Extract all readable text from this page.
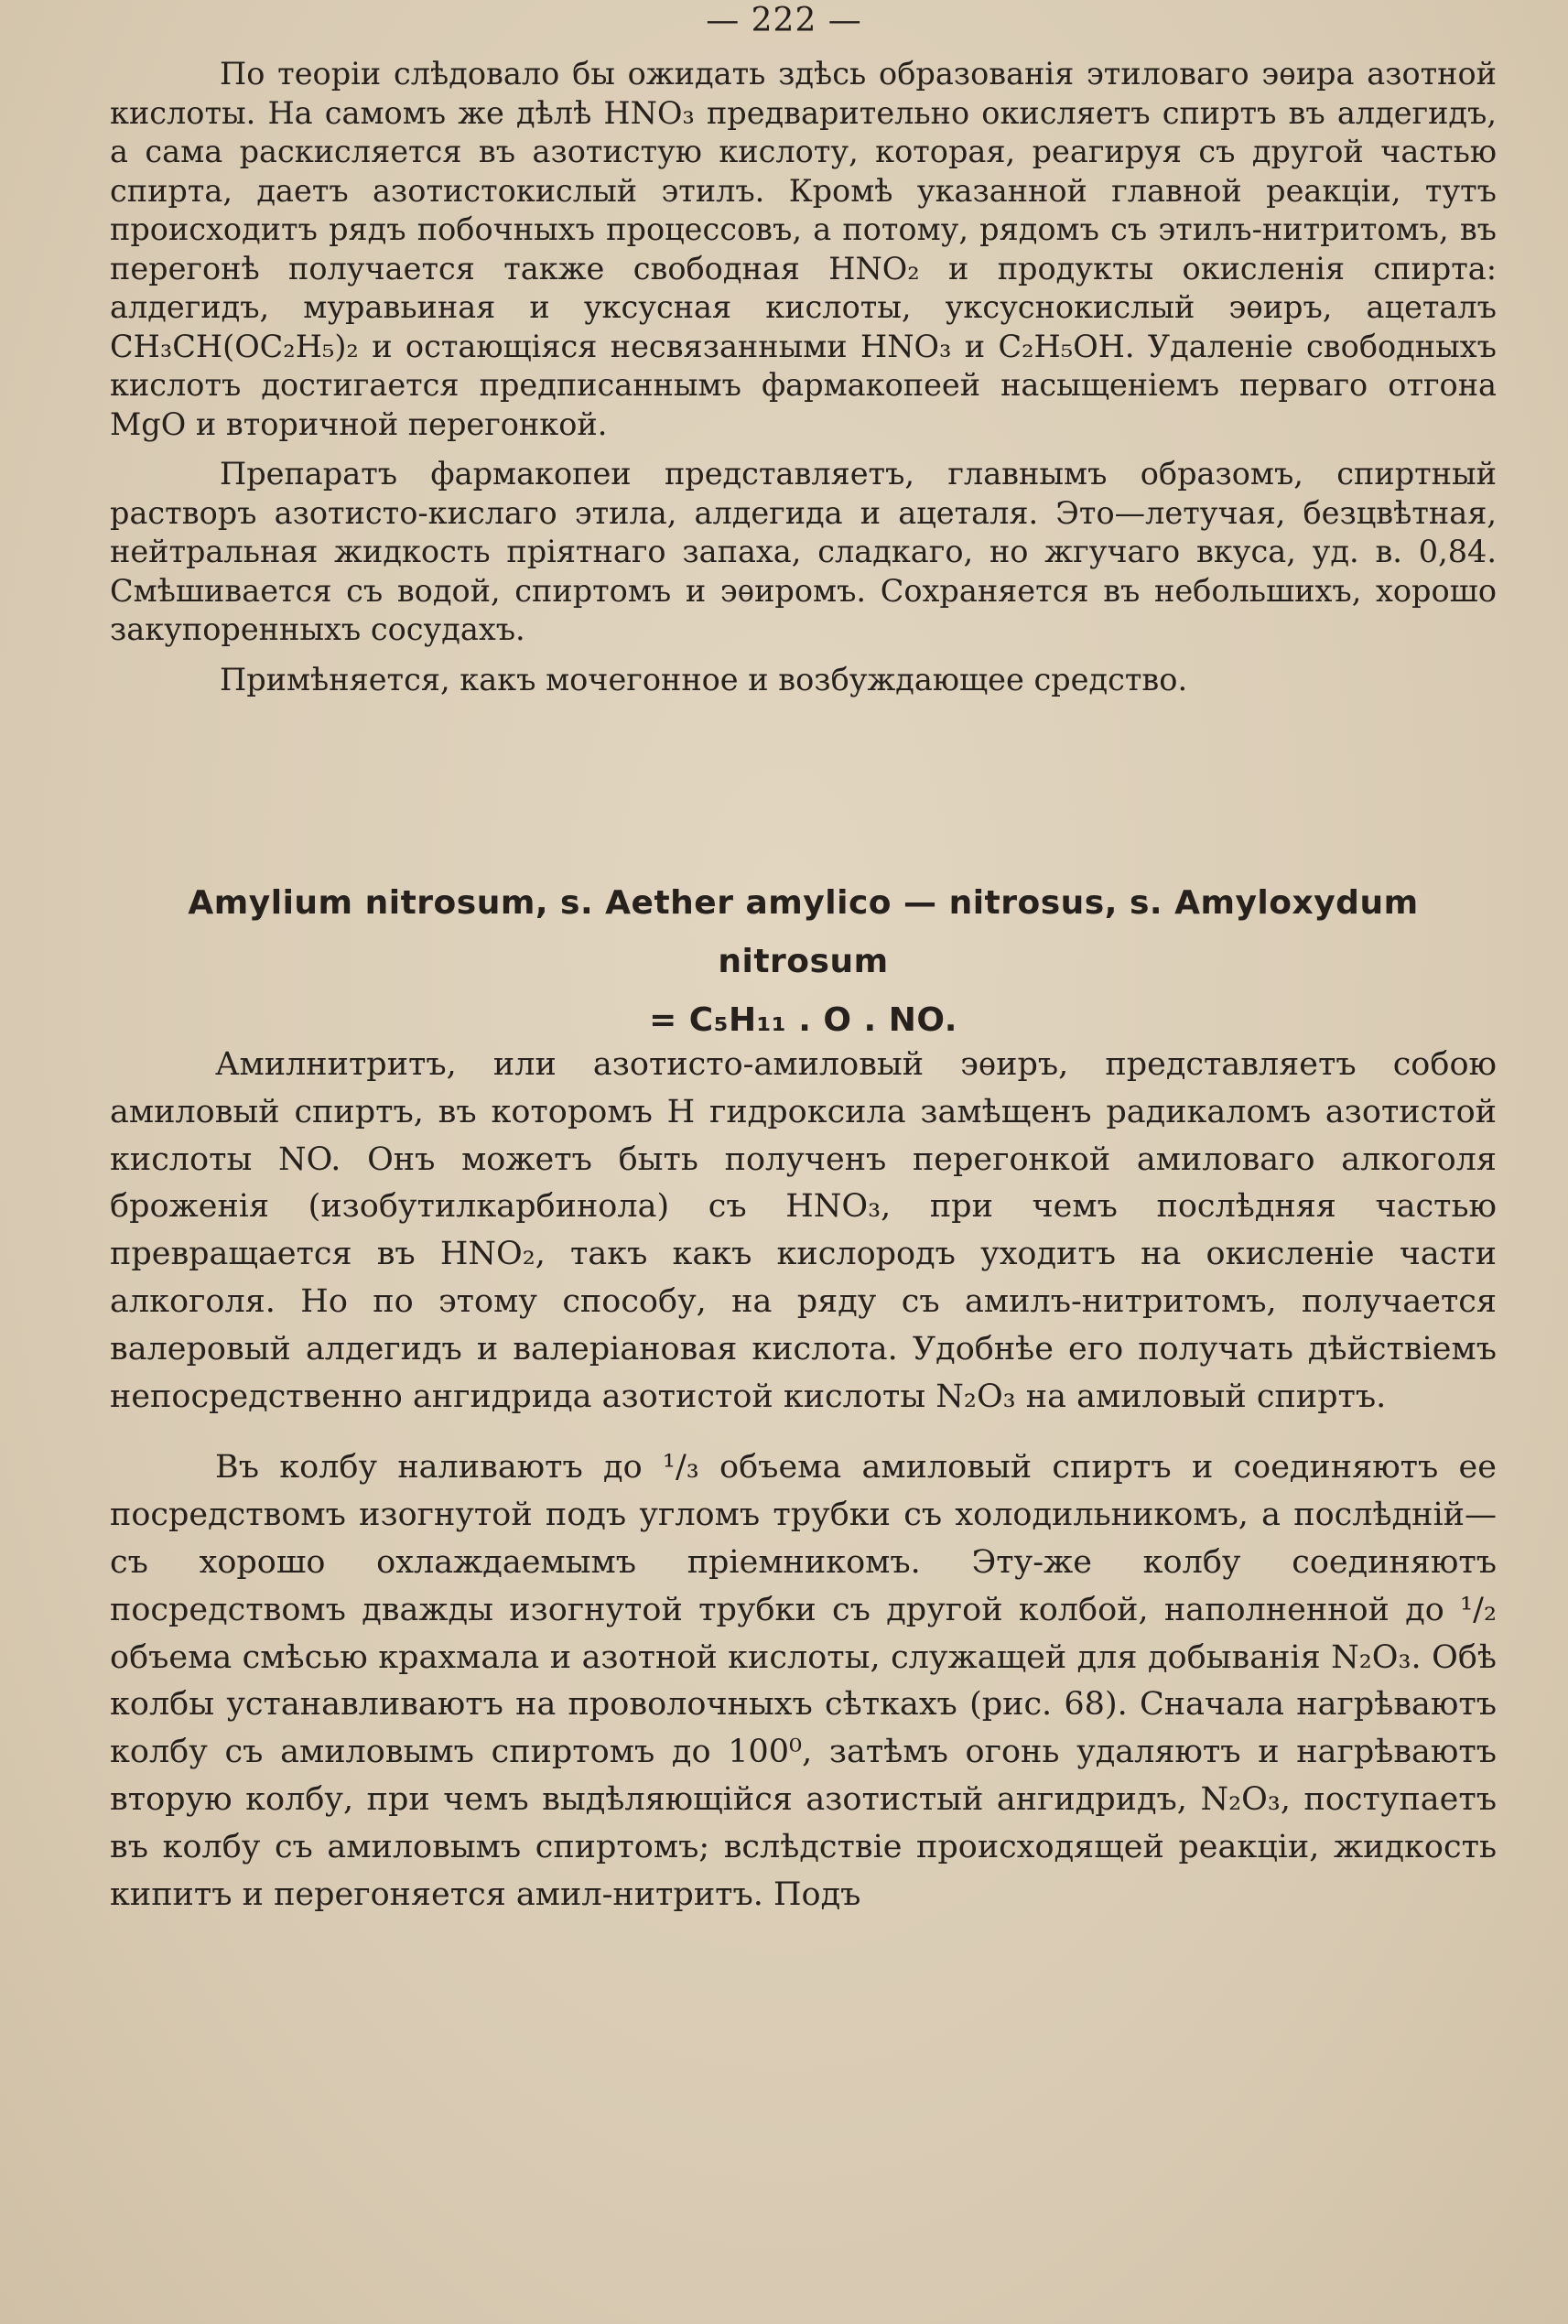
— 222 —

По теоріи слѣдовало бы ожидать здѣсь образованія этиловаго эѳира азотной кислоты. На самомъ же дѣлѣ HNO₃ предварительно окисляетъ спиртъ въ алдегидъ, а сама раскисляется въ азотистую кислоту, которая, реагируя съ другой частью спирта, даетъ азотистокислый этилъ. Кромѣ указанной главной реакціи, тутъ происходитъ рядъ побочныхъ процессовъ, а потому, рядомъ съ этилъ-нитритомъ, въ перегонѣ получается также свободная HNO₂ и продукты окисленія спирта: алдегидъ, муравьиная и уксусная кислоты, уксуснокислый эѳиръ, ацеталъ CH₃CH(OC₂H₅)₂ и остающіяся несвязанными HNO₃ и C₂H₅OH. Удаленіе свободныхъ кислотъ достигается предписаннымъ фармакопеей насыщеніемъ перваго отгона MgO и вторичной перегонкой.

Препаратъ фармакопеи представляетъ, главнымъ образомъ, спиртный растворъ азотисто-кислаго этила, алдегида и ацеталя. Это—летучая, безцвѣтная, нейтральная жидкость пріятнаго запаха, сладкаго, но жгучаго вкуса, уд. в. 0,84. Смѣшивается съ водой, спиртомъ и эѳиромъ. Сохраняется въ небольшихъ, хорошо закупоренныхъ сосудахъ.

Примѣняется, какъ мочегонное и возбуждающее средство.

Amylium nitrosum, s. Aether amylico — nitrosus, s. Amyloxydum nitrosum
= C₅H₁₁ . O . NO.

Амилнитритъ, или азотисто-амиловый эѳиръ, представляетъ собою амиловый спиртъ, въ которомъ H гидроксила замѣщенъ радикаломъ азотистой кислоты NO. Онъ можетъ быть полученъ перегонкой амиловаго алкоголя броженія (изобутилкарбинола) съ HNO₃, при чемъ послѣдняя частью превращается въ HNO₂, такъ какъ кислородъ уходитъ на окисленіе части алкоголя. Но по этому способу, на ряду съ амилъ-нитритомъ, получается валеровый алдегидъ и валеріановая кислота. Удобнѣе его получать дѣйствіемъ непосредственно ангидрида азотистой кислоты N₂O₃ на амиловый спиртъ.

Въ колбу наливаютъ до ¹/₃ объема амиловый спиртъ и соединяютъ ее посредствомъ изогнутой подъ угломъ трубки съ холодильникомъ, а послѣдній—съ хорошо охлаждаемымъ пріемникомъ. Эту-же колбу соединяютъ посредствомъ дважды изогнутой трубки съ другой колбой, наполненной до ¹/₂ объема смѣсью крахмала и азотной кислоты, служащей для добыванія N₂O₃. Обѣ колбы устанавливаютъ на проволочныхъ сѣткахъ (рис. 68). Сначала нагрѣваютъ колбу съ амиловымъ спиртомъ до 100⁰, затѣмъ огонь удаляютъ и нагрѣваютъ вторую колбу, при чемъ выдѣляющійся азотистый ангидридъ, N₂O₃, поступаетъ въ колбу съ амиловымъ спиртомъ; вслѣдствіе происходящей реакціи, жидкость кипитъ и перегоняется амил-нитритъ. Подъ
